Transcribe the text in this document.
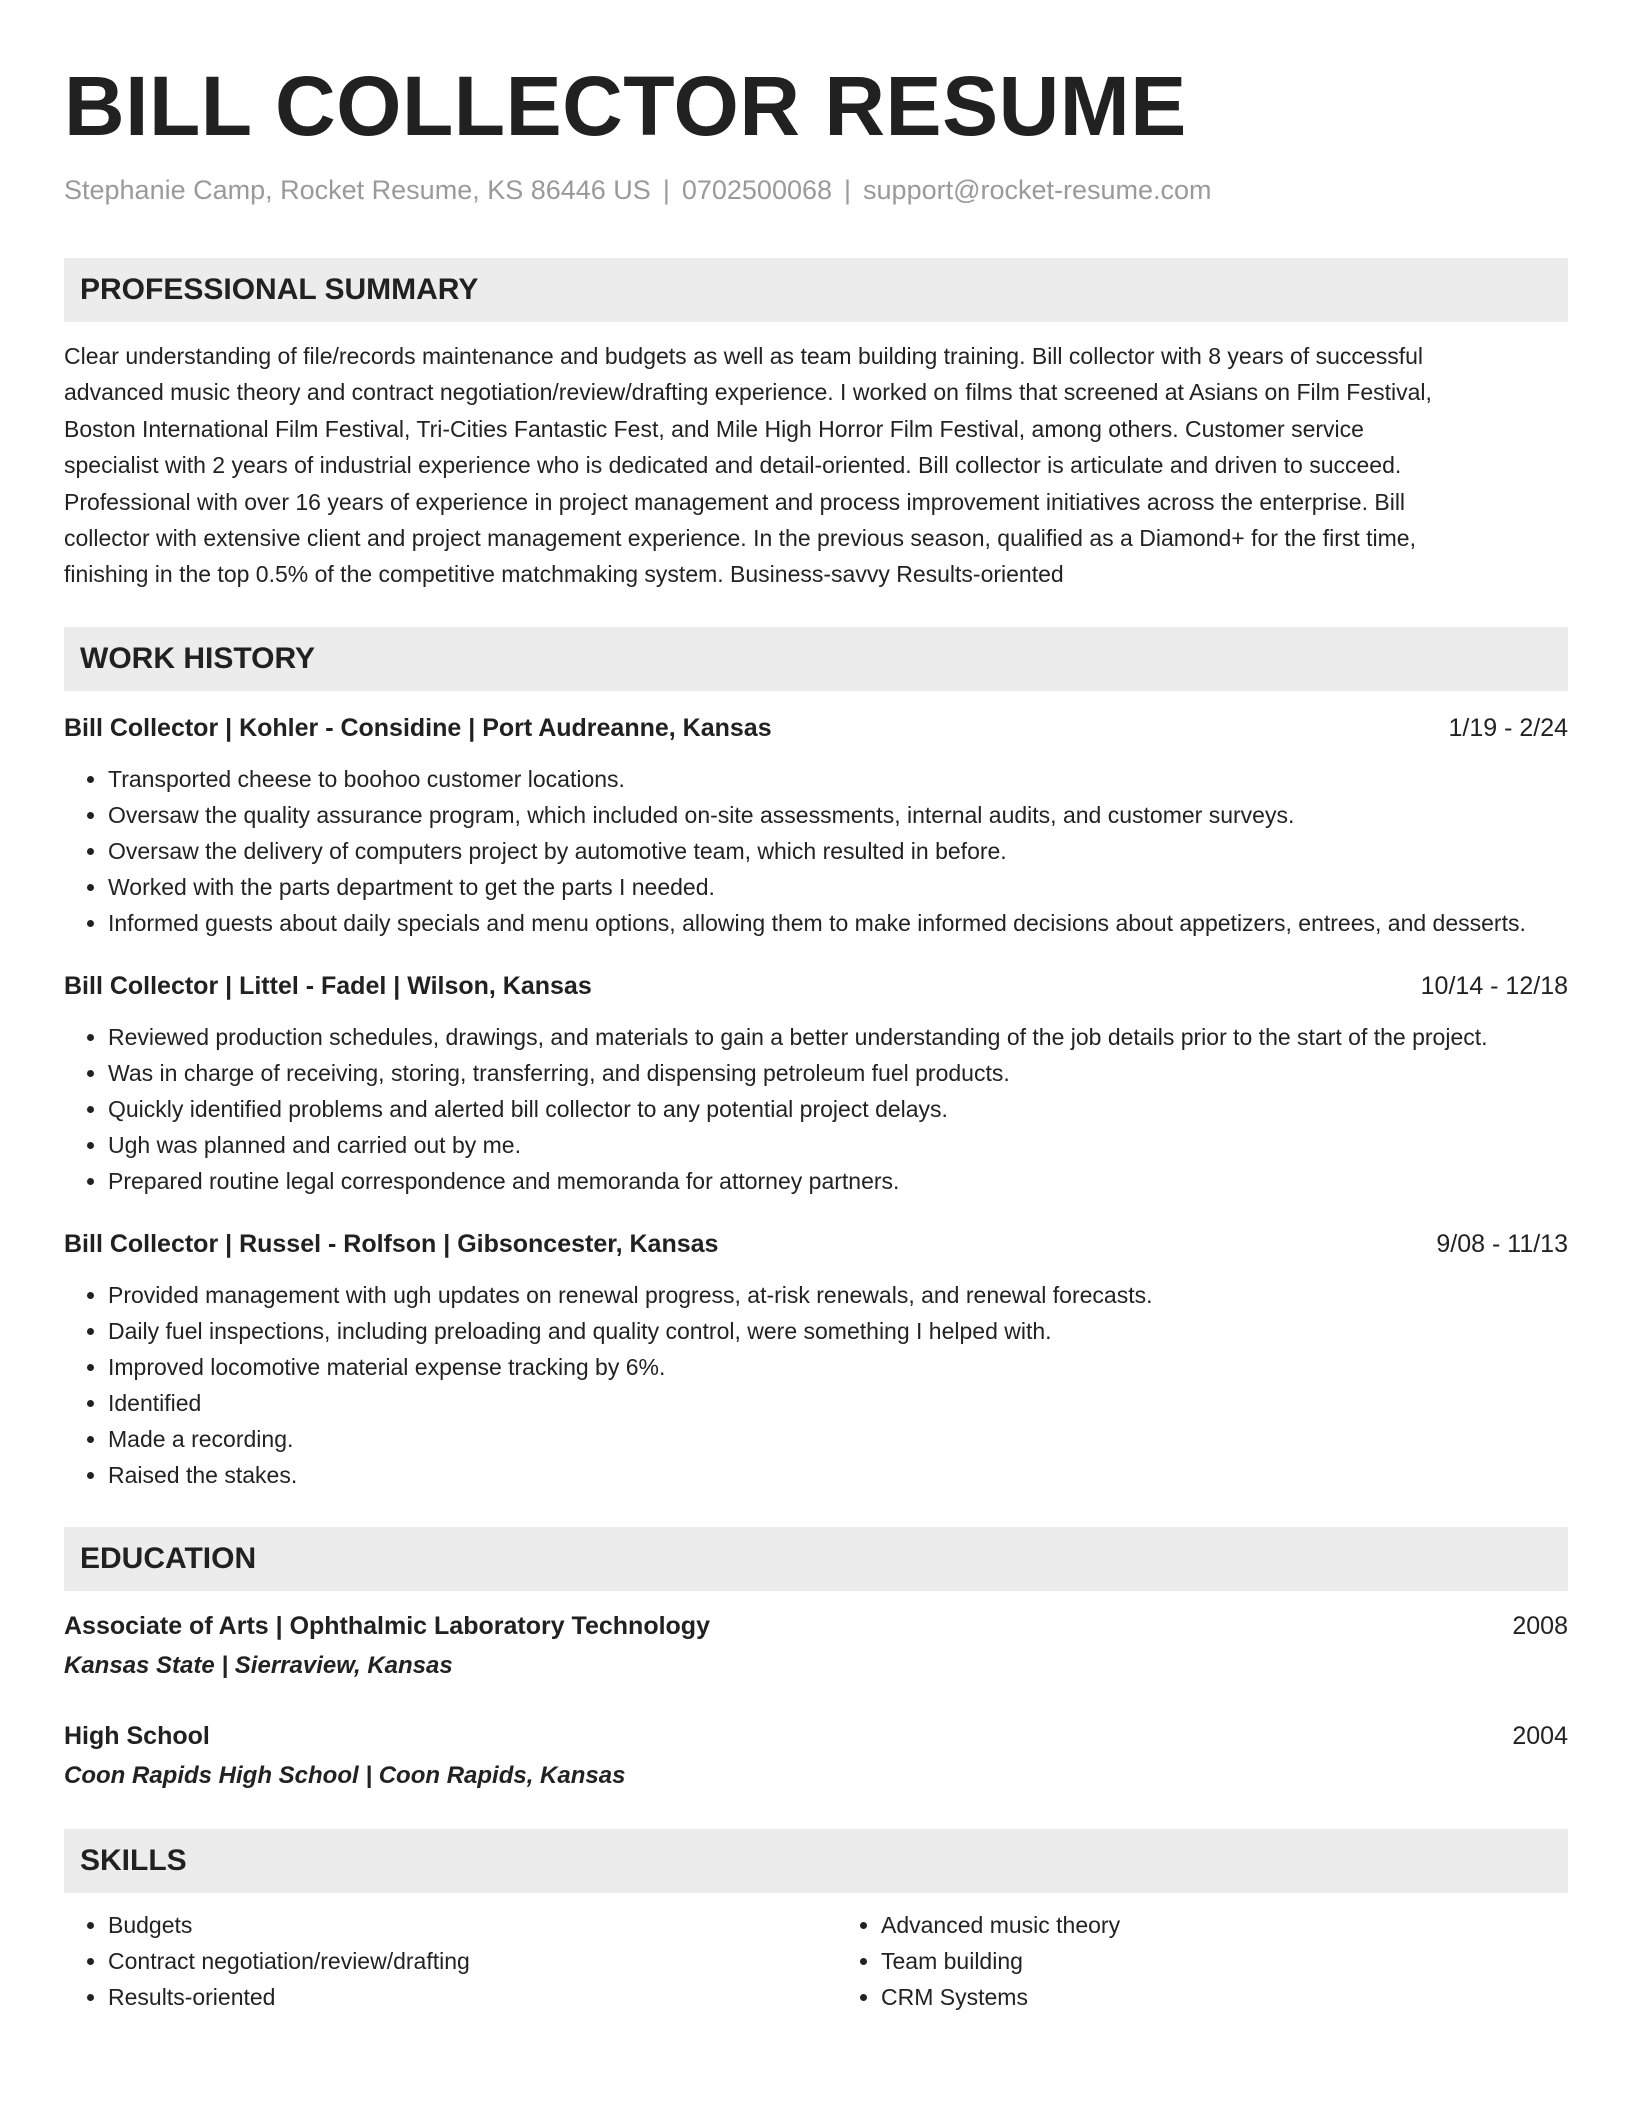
BILL COLLECTOR RESUME
Stephanie Camp, Rocket Resume, KS 86446 US | 0702500068 | support@rocket-resume.com
PROFESSIONAL SUMMARY
Clear understanding of file/records maintenance and budgets as well as team building training. Bill collector with 8 years of successful
advanced music theory and contract negotiation/review/drafting experience. I worked on films that screened at Asians on Film Festival,
Boston International Film Festival, Tri-Cities Fantastic Fest, and Mile High Horror Film Festival, among others. Customer service
specialist with 2 years of industrial experience who is dedicated and detail-oriented. Bill collector is articulate and driven to succeed.
Professional with over 16 years of experience in project management and process improvement initiatives across the enterprise. Bill
collector with extensive client and project management experience. In the previous season, qualified as a Diamond+ for the first time,
finishing in the top 0.5% of the competitive matchmaking system. Business-savvy Results-oriented
WORK HISTORY
Bill Collector | Kohler - Considine | Port Audreanne, Kansas	1/19 - 2/24
• Transported cheese to boohoo customer locations.
• Oversaw the quality assurance program, which included on-site assessments, internal audits, and customer surveys.
• Oversaw the delivery of computers project by automotive team, which resulted in before.
• Worked with the parts department to get the parts I needed.
• Informed guests about daily specials and menu options, allowing them to make informed decisions about appetizers, entrees, and desserts.
Bill Collector | Littel - Fadel | Wilson, Kansas	10/14 - 12/18
• Reviewed production schedules, drawings, and materials to gain a better understanding of the job details prior to the start of the project.
• Was in charge of receiving, storing, transferring, and dispensing petroleum fuel products.
• Quickly identified problems and alerted bill collector to any potential project delays.
• Ugh was planned and carried out by me.
• Prepared routine legal correspondence and memoranda for attorney partners.
Bill Collector | Russel - Rolfson | Gibsoncester, Kansas	9/08 - 11/13
• Provided management with ugh updates on renewal progress, at-risk renewals, and renewal forecasts.
• Daily fuel inspections, including preloading and quality control, were something I helped with.
• Improved locomotive material expense tracking by 6%.
• Identified
• Made a recording.
• Raised the stakes.
EDUCATION
Associate of Arts | Ophthalmic Laboratory Technology	2008
Kansas State | Sierraview, Kansas
High School	2004
Coon Rapids High School | Coon Rapids, Kansas
SKILLS
• Budgets
• Contract negotiation/review/drafting
• Results-oriented
• Advanced music theory
• Team building
• CRM Systems
